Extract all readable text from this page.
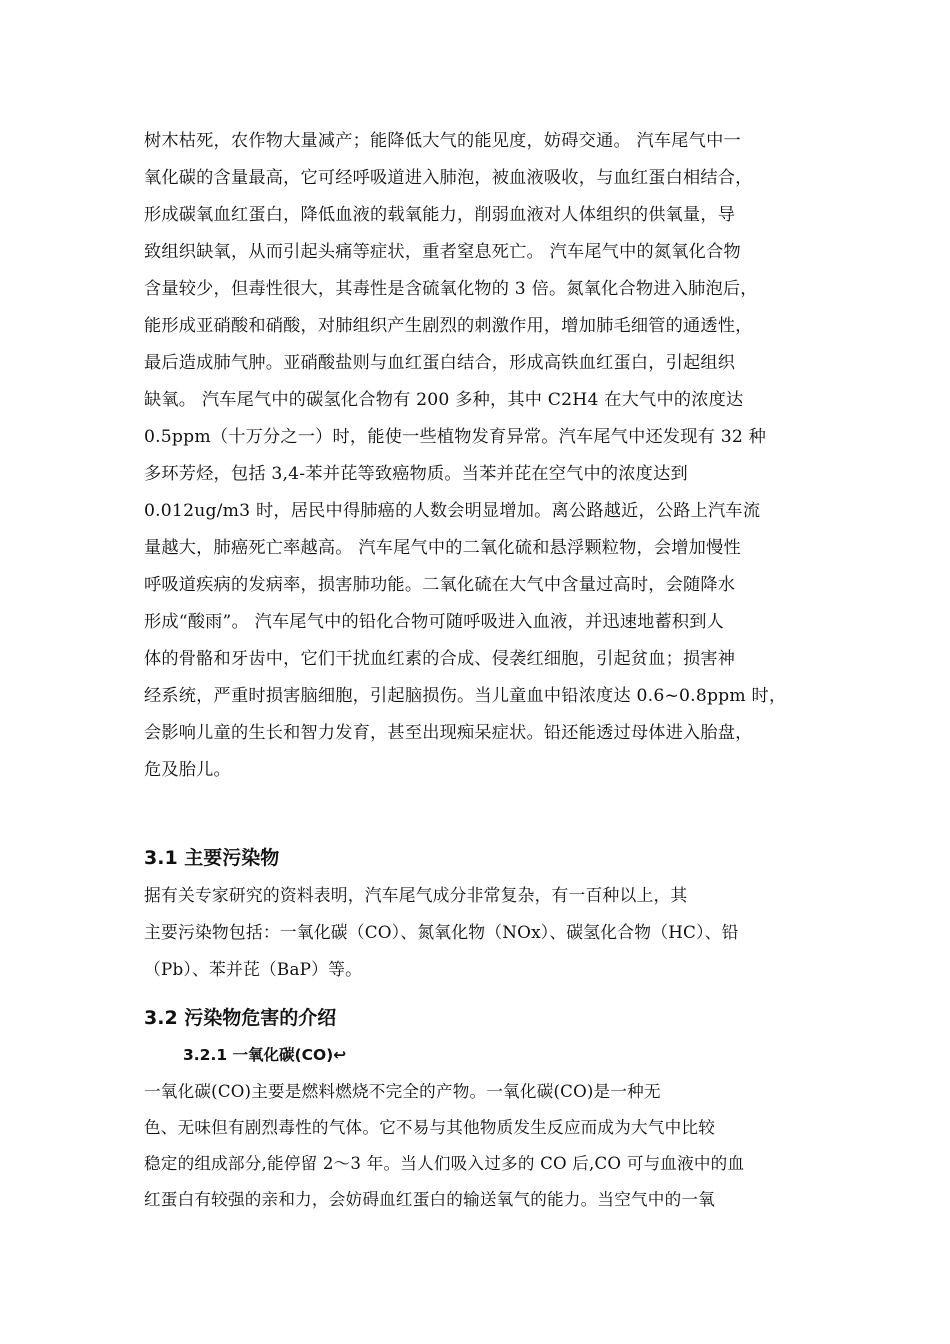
树木枯死，农作物大量减产；能降低大气的能见度，妨碍交通。 汽车尾气中一
氧化碳的含量最高，它可经呼吸道进入肺泡，被血液吸收，与血红蛋白相结合，
形成碳氧血红蛋白，降低血液的载氧能力，削弱血液对人体组织的供氧量，导
致组织缺氧，从而引起头痛等症状，重者窒息死亡。 汽车尾气中的氮氧化合物
含量较少，但毒性很大，其毒性是含硫氧化物的 3 倍。氮氧化合物进入肺泡后，
能形成亚硝酸和硝酸，对肺组织产生剧烈的刺激作用，增加肺毛细管的通透性，
最后造成肺气肿。亚硝酸盐则与血红蛋白结合，形成高铁血红蛋白，引起组织
缺氧。 汽车尾气中的碳氢化合物有 200 多种，其中 C2H4 在大气中的浓度达
0.5ppm（十万分之一）时，能使一些植物发育异常。汽车尾气中还发现有 32 种
多环芳烃，包括 3,4-苯并芘等致癌物质。当苯并芘在空气中的浓度达到
0.012ug/m3 时，居民中得肺癌的人数会明显增加。离公路越近，公路上汽车流
量越大，肺癌死亡率越高。 汽车尾气中的二氧化硫和悬浮颗粒物，会增加慢性
呼吸道疾病的发病率，损害肺功能。二氧化硫在大气中含量过高时，会随降水
形成“酸雨”。 汽车尾气中的铅化合物可随呼吸进入血液，并迅速地蓄积到人
体的骨骼和牙齿中，它们干扰血红素的合成、侵袭红细胞，引起贫血；损害神
经系统，严重时损害脑细胞，引起脑损伤。当儿童血中铅浓度达 0.6~0.8ppm 时，
会影响儿童的生长和智力发育，甚至出现痴呆症状。铅还能透过母体进入胎盘，
危及胎儿。
3.1 主要污染物
据有关专家研究的资料表明，汽车尾气成分非常复杂，有一百种以上，其
主要污染物包括：一氧化碳（CO）、氮氧化物（NOx）、碳氢化合物（HC）、铅
（Pb）、苯并芘（BaP）等。
3.2 污染物危害的介绍
3.2.1 一氧化碳(CO)↩
一氧化碳(CO)主要是燃料燃烧不完全的产物。一氧化碳(CO)是一种无
色、无味但有剧烈毒性的气体。它不易与其他物质发生反应而成为大气中比较
稳定的组成部分,能停留 2～3 年。当人们吸入过多的 CO 后,CO 可与血液中的血
红蛋白有较强的亲和力，会妨碍血红蛋白的输送氧气的能力。当空气中的一氧
